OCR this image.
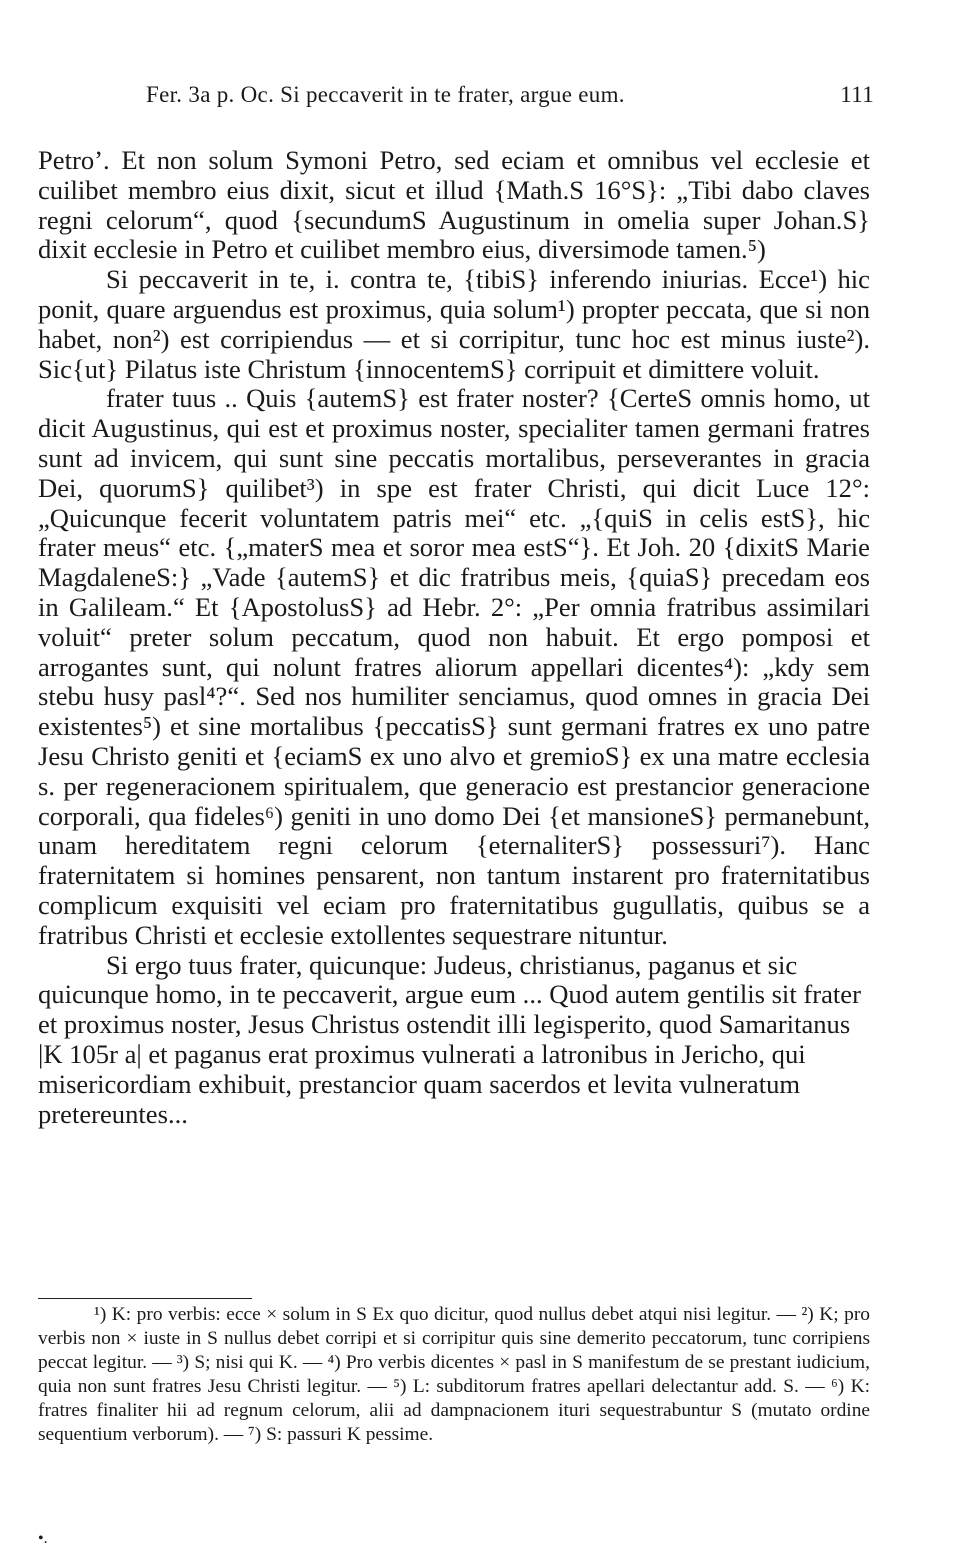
Fer. 3a p. Oc. Si peccaverit in te frater, argue eum.	111

Petro’. Et non solum Symoni Petro, sed eciam et omnibus vel ecclesie et cuilibet membro eius dixit, sicut et illud {Math.S 16°S}: „Tibi dabo claves regni celorum“, quod {secundumS Augustinum in omelia super Johan.S} dixit ecclesie in Petro et cuilibet membro eius, diversimode tamen.⁵)

Si peccaverit in te, i. contra te, {tibiS} inferendo iniurias. Ecce¹) hic ponit, quare arguendus est proximus, quia solum¹) propter peccata, que si non habet, non²) est corripiendus — et si corripitur, tunc hoc est minus iuste²). Sic{ut} Pilatus iste Christum {innocentemS} corripuit et dimittere voluit.

frater tuus .. Quis {autemS} est frater noster? {CerteS omnis homo, ut dicit Augustinus, qui est et proximus noster, specialiter tamen germani fratres sunt ad invicem, qui sunt sine peccatis mortalibus, perseverantes in gracia Dei, quorumS} quilibet³) in spe est frater Christi, qui dicit Luce 12°: „Quicunque fecerit voluntatem patris mei“ etc. „{quiS in celis estS}, hic frater meus“ etc. {„materS mea et soror mea estS“}. Et Joh. 20 {dixitS Marie MagdaleneS:} „Vade {autemS} et dic fratribus meis, {quiaS} precedam eos in Galileam.“ Et {ApostolusS} ad Hebr. 2°: „Per omnia fratribus assimilari voluit“ preter solum peccatum, quod non habuit. Et ergo pomposi et arrogantes sunt, qui nolunt fratres aliorum appellari dicentes⁴): „kdy sem stebu husy pasl⁴?“. Sed nos humiliter senciamus, quod omnes in gracia Dei existentes⁵) et sine mortalibus {peccatisS} sunt germani fratres ex uno patre Jesu Christo geniti et {eciamS ex uno alvo et gremioS} ex una matre ecclesia s. per regeneracionem spiritualem, que generacio est prestancior generacione corporali, qua fideles⁶) geniti in uno domo Dei {et mansioneS} permanebunt, unam hereditatem regni celorum {eternaliterS} possessuri⁷). Hanc fraternitatem si homines pensarent, non tantum instarent pro fraternitatibus complicum exquisiti vel eciam pro fraternitatibus gugullatis, quibus se a fratribus Christi et ecclesie extollentes sequestrare nituntur.

Si ergo tuus frater, quicunque: Judeus, christianus, paganus et sic quicunque homo, in te peccaverit, argue eum ... Quod autem gentilis sit frater et proximus noster, Jesus Christus ostendit illi legisperito, quod Samaritanus |K 105r a| et paganus erat proximus vulnerati a latronibus in Jericho, qui misericordiam exhibuit, prestancior quam sacerdos et levita vulneratum pretereuntes...

¹) K: pro verbis: ecce × solum in S Ex quo dicitur, quod nullus debet atqui nisi legitur. — ²) K; pro verbis non × iuste in S nullus debet corripi et si corripitur quis sine demerito peccatorum, tunc corripiens peccat legitur. — ³) S; nisi qui K. — ⁴) Pro verbis dicentes × pasl in S manifestum de se prestant iudicium, quia non sunt fratres Jesu Christi legitur. — ⁵) L: subditorum fratres apellari delectantur add. S. — ⁶) K: fratres finaliter hii ad regnum celorum, alii ad dampnacionem ituri sequestrabuntur S (mutato ordine sequentium verborum). — ⁷) S: passuri K pessime.

•.
